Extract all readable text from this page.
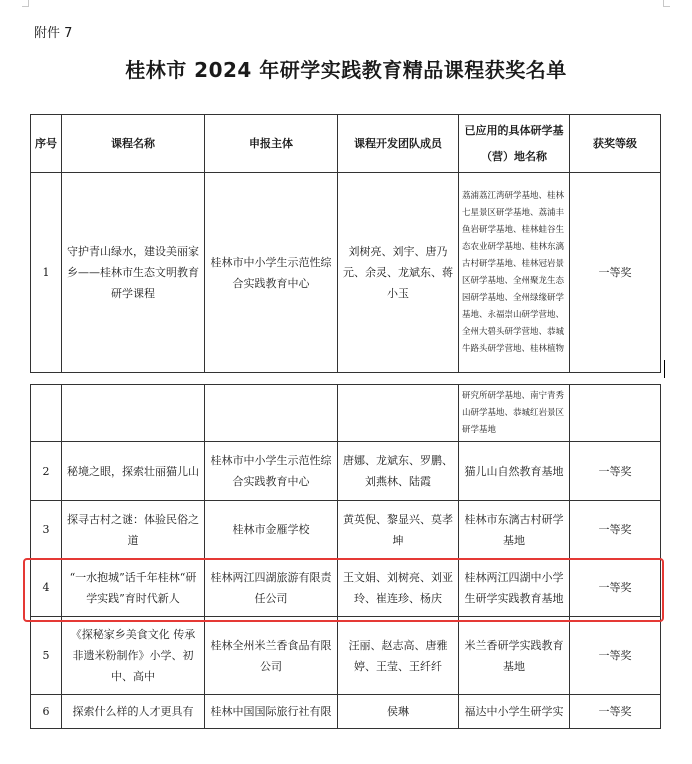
附件 7
桂林市 2024 年研学实践教育精品课程获奖名单
序号	课程名称	申报主体	课程开发团队成员	已应用的具体研学基（营）地名称	获奖等级
1	守护青山绿水，建设美丽家乡——桂林市生态文明教育研学课程	桂林市中小学生示范性综合实践教育中心	刘树亮、刘宇、唐乃元、余灵、龙斌东、蒋小玉	荔浦荔江湾研学基地、桂林七星景区研学基地、荔浦丰鱼岩研学基地、桂林蛙谷生态农业研学基地、桂林东漓古村研学基地、桂林冠岩景区研学基地、全州聚龙生态园研学基地、全州绿缘研学基地、永福崇山研学营地、全州大碧头研学营地、恭城牛路头研学营地、桂林植物	一等奖
				研究所研学基地、南宁青秀山研学基地、恭城红岩景区研学基地	
2	秘境之眼，探索壮丽猫儿山	桂林市中小学生示范性综合实践教育中心	唐娜、龙斌东、罗鹏、刘燕林、陆霞	猫儿山自然教育基地	一等奖
3	探寻古村之谜：体验民俗之道	桂林市金雁学校	黄英倪、黎显兴、莫孝坤	桂林市东漓古村研学基地	一等奖
4	“一水抱城”话千年桂林“研学实践”育时代新人	桂林两江四湖旅游有限责任公司	王文娟、刘树亮、刘亚玲、崔连珍、杨庆	桂林两江四湖中小学生研学实践教育基地	一等奖
5	《探秘家乡美食文化 传承非遗米粉制作》小学、初中、高中	桂林全州米兰香食品有限公司	汪丽、赵志高、唐雅婷、王莹、王纤纤	米兰香研学实践教育基地	一等奖
6	探索什么样的人才更具有	桂林中国国际旅行社有限	侯琳	福达中小学生研学实	一等奖
